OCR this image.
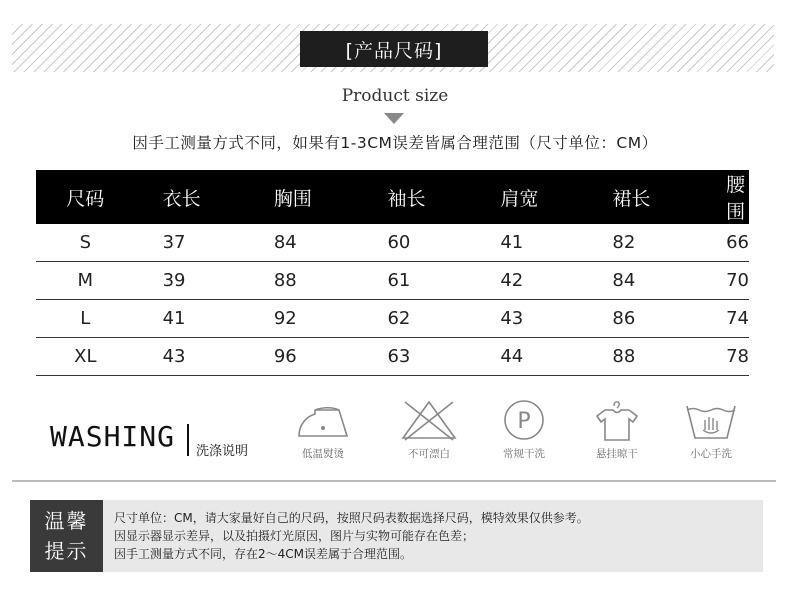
[产品尺码]
Product size
因手工测量方式不同，如果有1-3CM误差皆属合理范围（尺寸单位：CM）
尺码	衣长	胸围	袖长	肩宽	裙长	腰围
S	37	84	60	41	82	66
M	39	88	61	42	84	70
L	41	92	62	43	86	74
XL	43	96	63	44	88	78
WASHING 洗涤说明	低温熨烫	不可漂白
P
常规干洗	悬挂晾干	小心手洗
温馨
提示
尺寸单位：CM，请大家量好自己的尺码，按照尺码表数据选择尺码，模特效果仅供参考。
因显示器显示差异，以及拍摄灯光原因，图片与实物可能存在色差；
因手工测量方式不同，存在2～4CM误差属于合理范围。
